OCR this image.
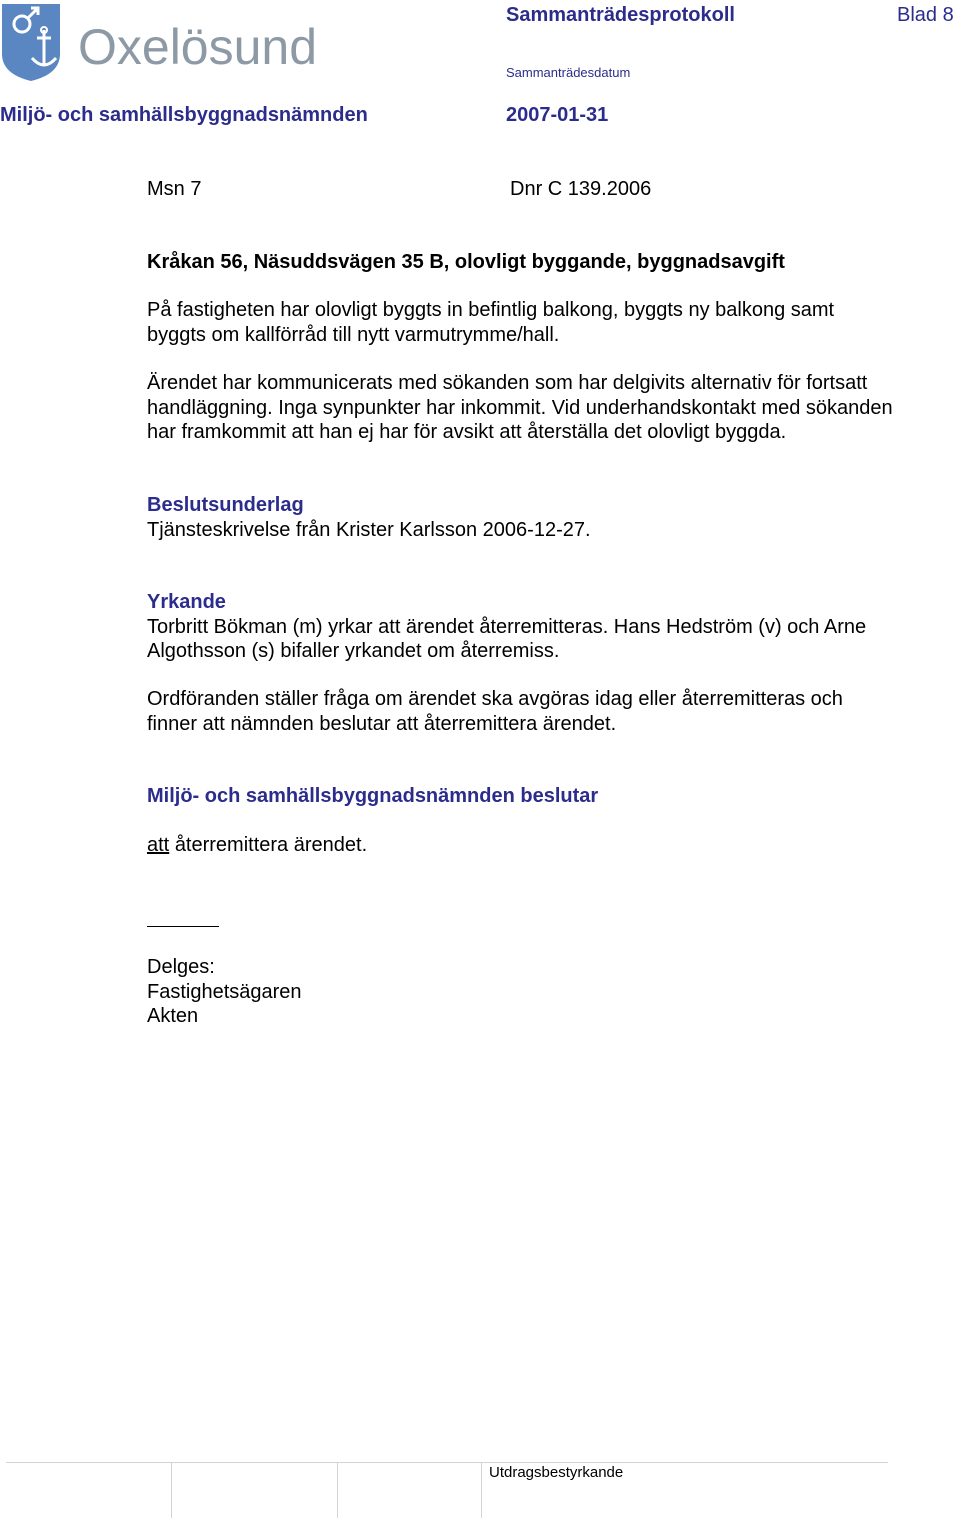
Oxelösund
Sammanträdesprotokoll	Blad 8
Sammanträdesdatum
Miljö- och samhällsbyggnadsnämnden	2007-01-31
Msn 7	Dnr C 139.2006
Kråkan 56, Näsuddsvägen 35 B, olovligt byggande, byggnadsavgift

På fastigheten har olovligt byggts in befintlig balkong, byggts ny balkong samt

byggts om kallförråd till nytt varmutrymme/hall.

Ärendet har kommunicerats med sökanden som har delgivits alternativ för fortsatt

handläggning. Inga synpunkter har inkommit. Vid underhandskontakt med sökanden

har framkommit att han ej har för avsikt att återställa det olovligt byggda.

Beslutsunderlag

Tjänsteskrivelse från Krister Karlsson 2006-12-27.

Yrkande

Torbritt Bökman (m) yrkar att ärendet återremitteras. Hans Hedström (v) och Arne

Algothsson (s) bifaller yrkandet om återremiss.

Ordföranden ställer fråga om ärendet ska avgöras idag eller återremitteras och

finner att nämnden beslutar att återremittera ärendet.

Miljö- och samhällsbyggnadsnämnden beslutar
att återremittera ärendet.

Delges:

Fastighetsägaren

Akten

Utdragsbestyrkande
